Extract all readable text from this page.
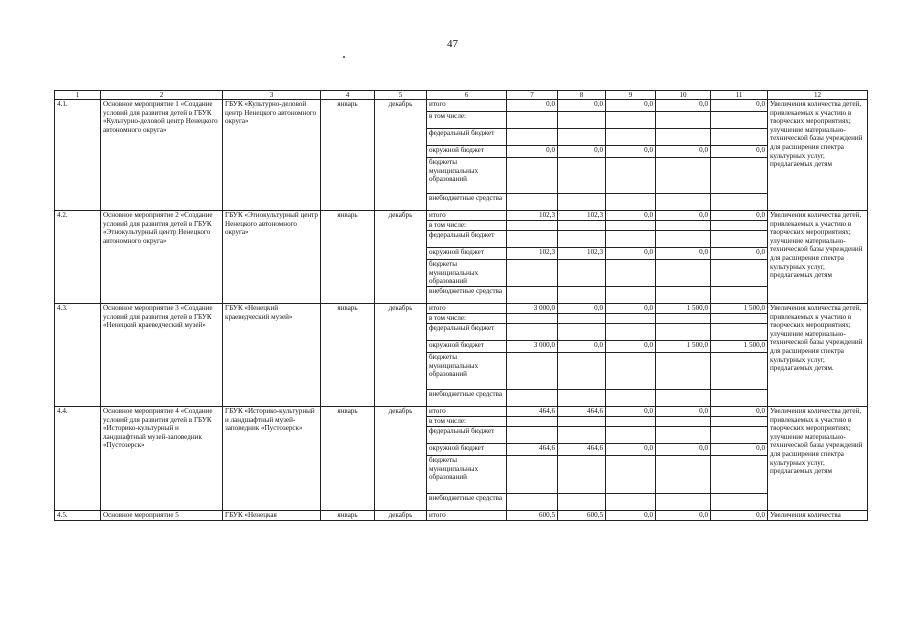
47
1	2	3	4	5	6	7	8	9	10	11	12
4.1.	Основное мероприятие 1 «Создание условий для развития детей в ГБУК «Культурно-деловой центр Ненецкого автономного округа»	ГБУК «Культурно-деловой центр Ненецкого автономного округа»	январь	декабрь	итого	0,0	0,0	0,0	0,0	0,0	Увеличения количества детей, привлекаемых к участию в творческих мероприятиях; улучшение материально-технической базы учреждений для расширения спектра культурных услуг, предлагаемых детям
					в том числе:						
					федеральный бюджет						
					окружной бюджет	0,0	0,0	0,0	0,0	0,0	
					бюджеты муниципальных образований						
					внебюджетные средства						
4.2.	Основное мероприятие 2 «Создание условий для развития детей в ГБУК «Этнокультурный центр Ненецкого автономного округа»	ГБУК «Этнокультурный центр Ненецкого автономного округа»	январь	декабрь	итого	102,3	102,3	0,0	0,0	0,0	Увеличения количества детей, привлекаемых к участию в творческих мероприятиях; улучшение материально-технической базы учреждений для расширения спектра культурных услуг, предлагаемых детям
					в том числе:						
					федеральный бюджет						
					окружной бюджет	102,3	102,3	0,0	0,0	0,0	
					бюджеты муниципальных образований						
					внебюджетные средства						
4.3.	Основное мероприятие 3 «Создание условий для развития детей в ГБУК «Ненецкий краеведческий музей»	ГБУК «Ненецкий краеведческий музей»	январь	декабрь	итого	3 000,0	0,0	0,0	1 500,0	1 500,0	Увеличения количества детей, привлекаемых к участию в творческих мероприятиях; улучшение материально-технической базы учреждений для расширения спектра культурных услуг, предлагаемых детям.
					в том числе:						
					федеральный бюджет						
					окружной бюджет	3 000,0	0,0	0,0	1 500,0	1 500,0	
					бюджеты муниципальных образований						
					внебюджетные средства						
4.4.	Основное мероприятие 4 «Создание условий для развития детей в ГБУК «Историко-культурный и ландшафтный музей-заповедник «Пустозерск»	ГБУК «Историко-культурный и ландшафтный музей-заповедник «Пустозерск»	январь	декабрь	итого	464,6	464,6	0,0	0,0	0,0	Увеличения количества детей, привлекаемых к участию в творческих мероприятиях; улучшение материально-технической базы учреждений для расширения спектра культурных услуг, предлагаемых детям
					в том числе:						
					федеральный бюджет						
					окружной бюджет	464,6	464,6	0,0	0,0	0,0	
					бюджеты муниципальных образований						
					внебюджетные средства						
4.5.	Основное мероприятие 5	ГБУК «Ненецкая	январь	декабрь	итого	600,5	600,5	0,0	0,0	0,0	Увеличения количества
